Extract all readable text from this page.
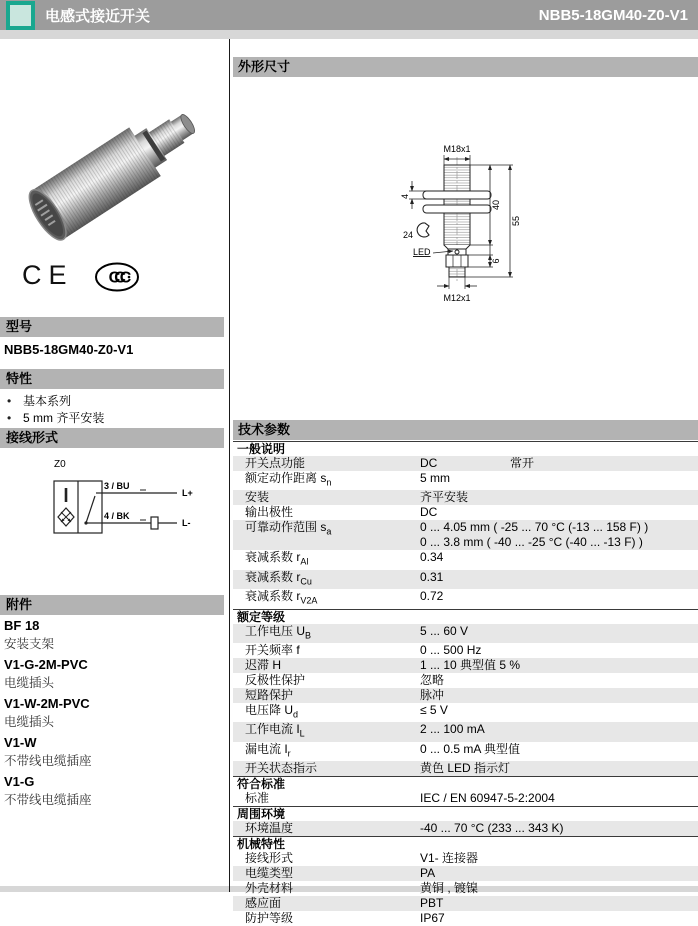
电感式接近开关	NBB5-18GM40-Z0-V1
CE CCC
型号
NBB5-18GM40-Z0-V1
特性
• 基本系列
• 5 mm 齐平安装
接线形式
Z0
3 / BU
4 / BK
L+
L-
附件
BF 18
安装支架
V1-G-2M-PVC
电缆插头
V1-W-2M-PVC
电缆插头
V1-W
不带线电缆插座
V1-G
不带线电缆插座
外形尺寸
M18x1
4
24
40
55
6
LED
M12x1
技术参数
一般说明
开关点功能	DC	常开
额定动作距离 $s_n$	5 mm
安装	齐平安装
输出极性	DC
可靠动作范围 $s_a$	0 ... 4.05 mm ( -25 ... 70 °C (-13 ... 158 F) )
0 ... 3.8 mm ( -40 ... -25 °C (-40 ... -13 F) )
衰减系数 $r_{Al}$	0.34
衰减系数 $r_{Cu}$	0.31
衰减系数 $r_{V2A}$	0.72
额定等级
工作电压 $U_B$	5 ... 60 V
开关频率 f	0 ... 500 Hz
迟滞 H	1 ... 10 典型值 5 %
反极性保护	忽略
短路保护	脉冲
电压降 $U_d$	≤ 5 V
工作电流 $I_L$	2 ... 100 mA
漏电流 $I_r$	0 ... 0.5 mA 典型值
开关状态指示	黄色 LED 指示灯
符合标准
标准	IEC / EN 60947-5-2:2004
周围环境
环境温度	-40 ... 70 °C (233 ... 343 K)
机械特性
接线形式	V1- 连接器
电缆类型	PA
外壳材料	黄铜 , 镀镍
感应面	PBT
防护等级	IP67
